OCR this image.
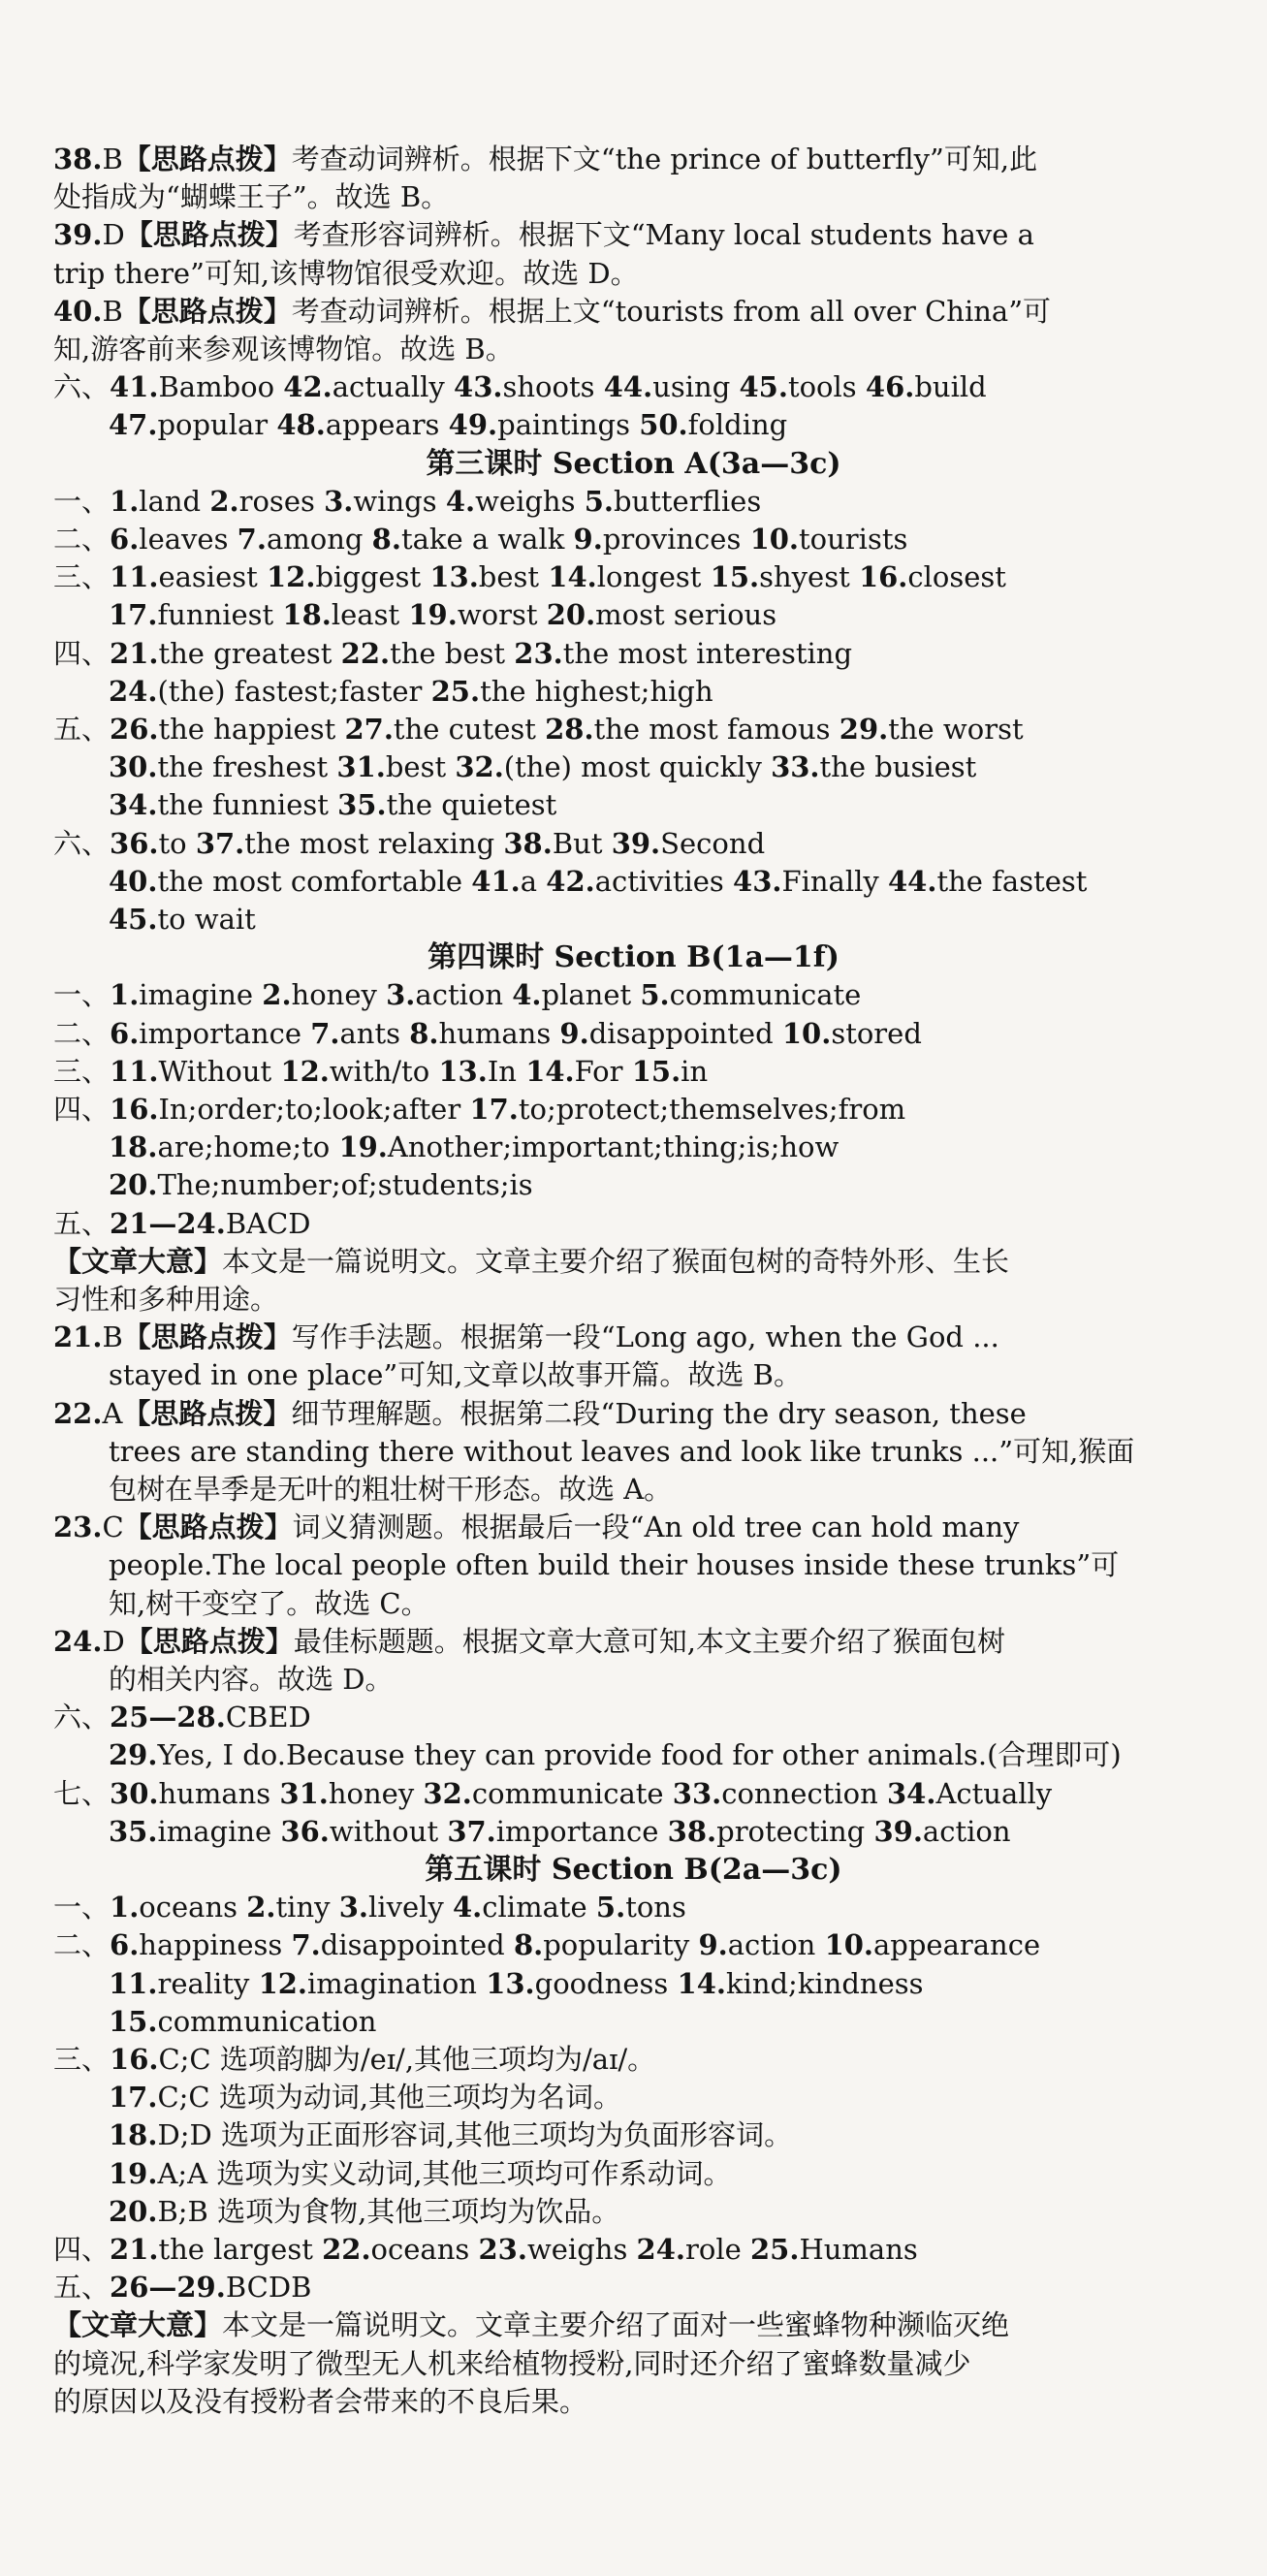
38.B【思路点拨】考查动词辨析。根据下文“the prince of butterfly”可知,此
处指成为“蝴蝶王子”。故选 B。
39.D【思路点拨】考查形容词辨析。根据下文“Many local students have a
trip there”可知,该博物馆很受欢迎。故选 D。
40.B【思路点拨】考查动词辨析。根据上文“tourists from all over China”可
知,游客前来参观该博物馆。故选 B。
六、41.Bamboo 42.actually 43.shoots 44.using 45.tools 46.build
47.popular 48.appears 49.paintings 50.folding
第三课时 Section A(3a—3c)
一、1.land 2.roses 3.wings 4.weighs 5.butterflies
二、6.leaves 7.among 8.take a walk 9.provinces 10.tourists
三、11.easiest 12.biggest 13.best 14.longest 15.shyest 16.closest
17.funniest 18.least 19.worst 20.most serious
四、21.the greatest 22.the best 23.the most interesting
24.(the) fastest;faster 25.the highest;high
五、26.the happiest 27.the cutest 28.the most famous 29.the worst
30.the freshest 31.best 32.(the) most quickly 33.the busiest
34.the funniest 35.the quietest
六、36.to 37.the most relaxing 38.But 39.Second
40.the most comfortable 41.a 42.activities 43.Finally 44.the fastest
45.to wait
第四课时 Section B(1a—1f)
一、1.imagine 2.honey 3.action 4.planet 5.communicate
二、6.importance 7.ants 8.humans 9.disappointed 10.stored
三、11.Without 12.with/to 13.In 14.For 15.in
四、16.In;order;to;look;after 17.to;protect;themselves;from
18.are;home;to 19.Another;important;thing;is;how
20.The;number;of;students;is
五、21—24.BACD
【文章大意】本文是一篇说明文。文章主要介绍了猴面包树的奇特外形、生长
习性和多种用途。
21.B【思路点拨】写作手法题。根据第一段“Long ago, when the God ...
stayed in one place”可知,文章以故事开篇。故选 B。
22.A【思路点拨】细节理解题。根据第二段“During the dry season, these
trees are standing there without leaves and look like trunks ...”可知,猴面
包树在旱季是无叶的粗壮树干形态。故选 A。
23.C【思路点拨】词义猜测题。根据最后一段“An old tree can hold many
people.The local people often build their houses inside these trunks”可
知,树干变空了。故选 C。
24.D【思路点拨】最佳标题题。根据文章大意可知,本文主要介绍了猴面包树
的相关内容。故选 D。
六、25—28.CBED
29.Yes, I do.Because they can provide food for other animals.(合理即可)
七、30.humans 31.honey 32.communicate 33.connection 34.Actually
35.imagine 36.without 37.importance 38.protecting 39.action
第五课时 Section B(2a—3c)
一、1.oceans 2.tiny 3.lively 4.climate 5.tons
二、6.happiness 7.disappointed 8.popularity 9.action 10.appearance
11.reality 12.imagination 13.goodness 14.kind;kindness
15.communication
三、16.C;C 选项韵脚为/eɪ/,其他三项均为/aɪ/。
17.C;C 选项为动词,其他三项均为名词。
18.D;D 选项为正面形容词,其他三项均为负面形容词。
19.A;A 选项为实义动词,其他三项均可作系动词。
20.B;B 选项为食物,其他三项均为饮品。
四、21.the largest 22.oceans 23.weighs 24.role 25.Humans
五、26—29.BCDB
【文章大意】本文是一篇说明文。文章主要介绍了面对一些蜜蜂物种濒临灭绝
的境况,科学家发明了微型无人机来给植物授粉,同时还介绍了蜜蜂数量减少
的原因以及没有授粉者会带来的不良后果。
